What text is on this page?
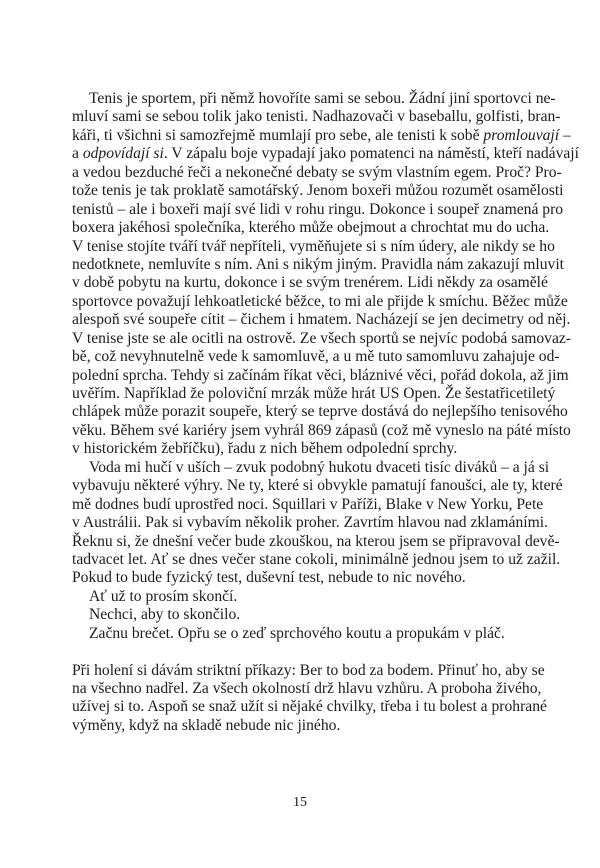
Tenis je sportem, při němž hovoříte sami se sebou. Žádní jiní sportovci ne-
mluví sami se sebou tolik jako tenisti. Nadhazovači v baseballu, golfisti, bran-
káři, ti všichni si samozřejmě mumlají pro sebe, ale tenisti k sobě promlouvají –
a odpovídají si. V zápalu boje vypadají jako pomatenci na náměstí, kteří nadávají
a vedou bezduché řeči a nekonečné debaty se svým vlastním egem. Proč? Pro-
tože tenis je tak proklatě samotářský. Jenom boxeři můžou rozumět osamělosti
tenistů – ale i boxeři mají své lidi v rohu ringu. Dokonce i soupeř znamená pro
boxera jakéhosi společníka, kterého může obejmout a chrochtat mu do ucha.
V tenise stojíte tváří tvář nepříteli, vyměňujete si s ním údery, ale nikdy se ho
nedotknete, nemluvíte s ním. Ani s nikým jiným. Pravidla nám zakazují mluvit
v době pobytu na kurtu, dokonce i se svým trenérem. Lidi někdy za osamělé
sportovce považují lehkoatletické běžce, to mi ale přijde k smíchu. Běžec může
alespoň své soupeře cítit – čichem i hmatem. Nacházejí se jen decimetry od něj.
V tenise jste se ale ocitli na ostrově. Ze všech sportů se nejvíc podobá samovaz-
bě, což nevyhnutelně vede k samomluvě, a u mě tuto samomluvu zahajuje od-
polední sprcha. Tehdy si začínám říkat věci, bláznivé věci, pořád dokola, až jim
uvěřím. Například že poloviční mrzák může hrát US Open. Že šestatřicetiletý
chlápek může porazit soupeře, který se teprve dostává do nejlepšího tenisového
věku. Během své kariéry jsem vyhrál 869 zápasů (což mě vyneslo na páté místo
v historickém žebříčku), řadu z nich během odpolední sprchy.
Voda mi hučí v uších – zvuk podobný hukotu dvaceti tisíc diváků – a já si
vybavuju některé výhry. Ne ty, které si obvykle pamatují fanoušci, ale ty, které
mě dodnes budí uprostřed noci. Squillari v Paříži, Blake v New Yorku, Pete
v Austrálii. Pak si vybavím několik proher. Zavrtím hlavou nad zklamáními.
Řeknu si, že dnešní večer bude zkouškou, na kterou jsem se připravoval devě-
tadvacet let. Ať se dnes večer stane cokoli, minimálně jednou jsem to už zažil.
Pokud to bude fyzický test, duševní test, nebude to nic nového.
Ať už to prosím skončí.
Nechci, aby to skončilo.
Začnu brečet. Opřu se o zeď sprchového koutu a propukám v pláč.
Při holení si dávám striktní příkazy: Ber to bod za bodem. Přinuť ho, aby se
na všechno nadřel. Za všech okolností drž hlavu vzhůru. A proboha živého,
užívej si to. Aspoň se snaž užít si nějaké chvilky, třeba i tu bolest a prohrané
výměny, když na skladě nebude nic jiného.
15
